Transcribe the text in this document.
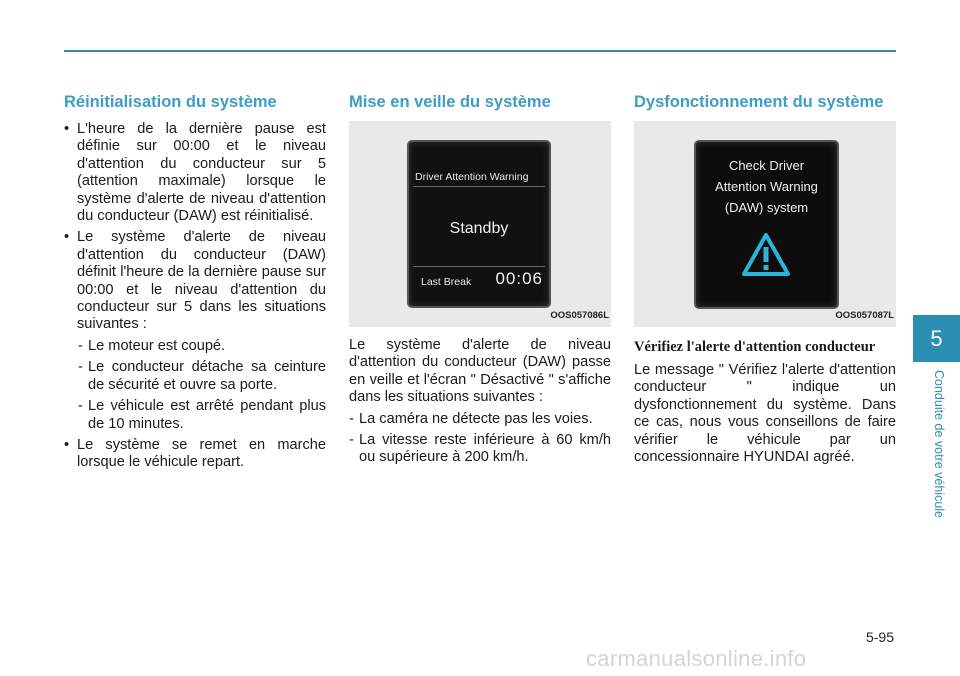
Réinitialisation du système
• L'heure de la dernière pause est définie sur 00:00 et le niveau d'attention du conducteur sur 5 (attention maximale) lorsque le système d'alerte de niveau d'attention du conducteur (DAW) est réinitialisé.
• Le système d'alerte de niveau d'attention du conducteur (DAW) définit l'heure de la dernière pause sur 00:00 et le niveau d'attention du conducteur sur 5 dans les situations suivantes :
- Le moteur est coupé.
- Le conducteur détache sa ceinture de sécurité et ouvre sa porte.
- Le véhicule est arrêté pendant plus de 10 minutes.
• Le système se remet en marche lorsque le véhicule repart.
Mise en veille du système
Driver Attention Warning
Standby
Last Break 00:06
OOS057086L

Le système d'alerte de niveau d'attention du conducteur (DAW) passe en veille et l'écran " Désactivé " s'affiche dans les situations suivantes :

- La caméra ne détecte pas les voies.
- La vitesse reste inférieure à 60 km/h ou supérieure à 200 km/h.
Dysfonctionnement du système
Check Driver
Attention Warning
(DAW) system
OOS057087L
Vérifiez l'alerte d'attention conducteur

Le message " Vérifiez l'alerte d'attention conducteur " indique un dysfonctionnement du système. Dans ce cas, nous vous conseillons de faire vérifier le véhicule par un concessionnaire HYUNDAI agréé.

5
Conduite de votre véhicule
5-95
carmanualsonline.info
